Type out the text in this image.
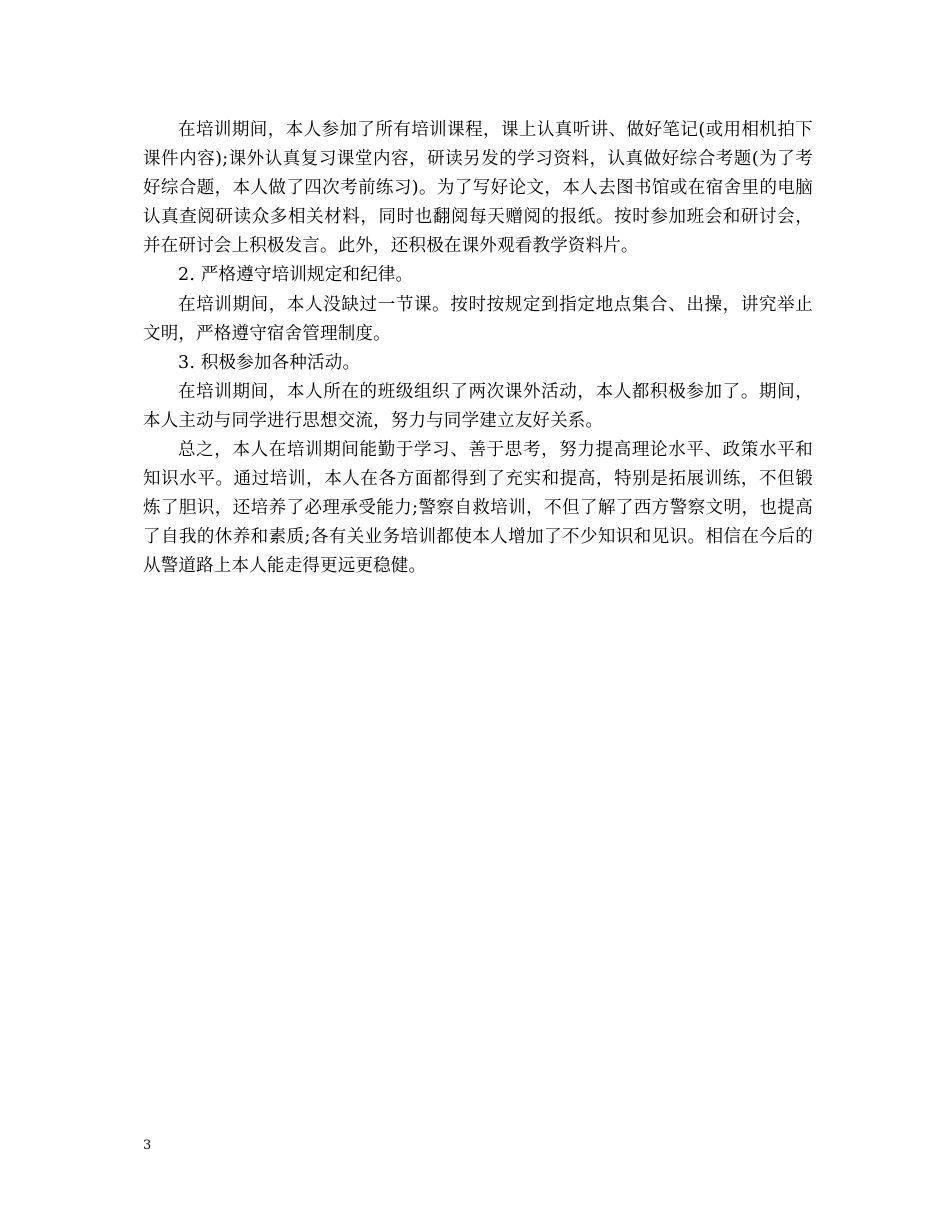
在培训期间，本人参加了所有培训课程，课上认真听讲、做好笔记(或用相机拍下课件内容);课外认真复习课堂内容，研读另发的学习资料，认真做好综合考题(为了考好综合题，本人做了四次考前练习)。为了写好论文，本人去图书馆或在宿舍里的电脑认真查阅研读众多相关材料，同时也翻阅每天赠阅的报纸。按时参加班会和研讨会，并在研讨会上积极发言。此外，还积极在课外观看教学资料片。

2. 严格遵守培训规定和纪律。

在培训期间，本人没缺过一节课。按时按规定到指定地点集合、出操，讲究举止文明，严格遵守宿舍管理制度。

3. 积极参加各种活动。

在培训期间，本人所在的班级组织了两次课外活动，本人都积极参加了。期间，本人主动与同学进行思想交流，努力与同学建立友好关系。

总之，本人在培训期间能勤于学习、善于思考，努力提高理论水平、政策水平和知识水平。通过培训，本人在各方面都得到了充实和提高，特别是拓展训练，不但锻炼了胆识，还培养了必理承受能力;警察自救培训，不但了解了西方警察文明，也提高了自我的休养和素质;各有关业务培训都使本人增加了不少知识和见识。相信在今后的从警道路上本人能走得更远更稳健。

3
